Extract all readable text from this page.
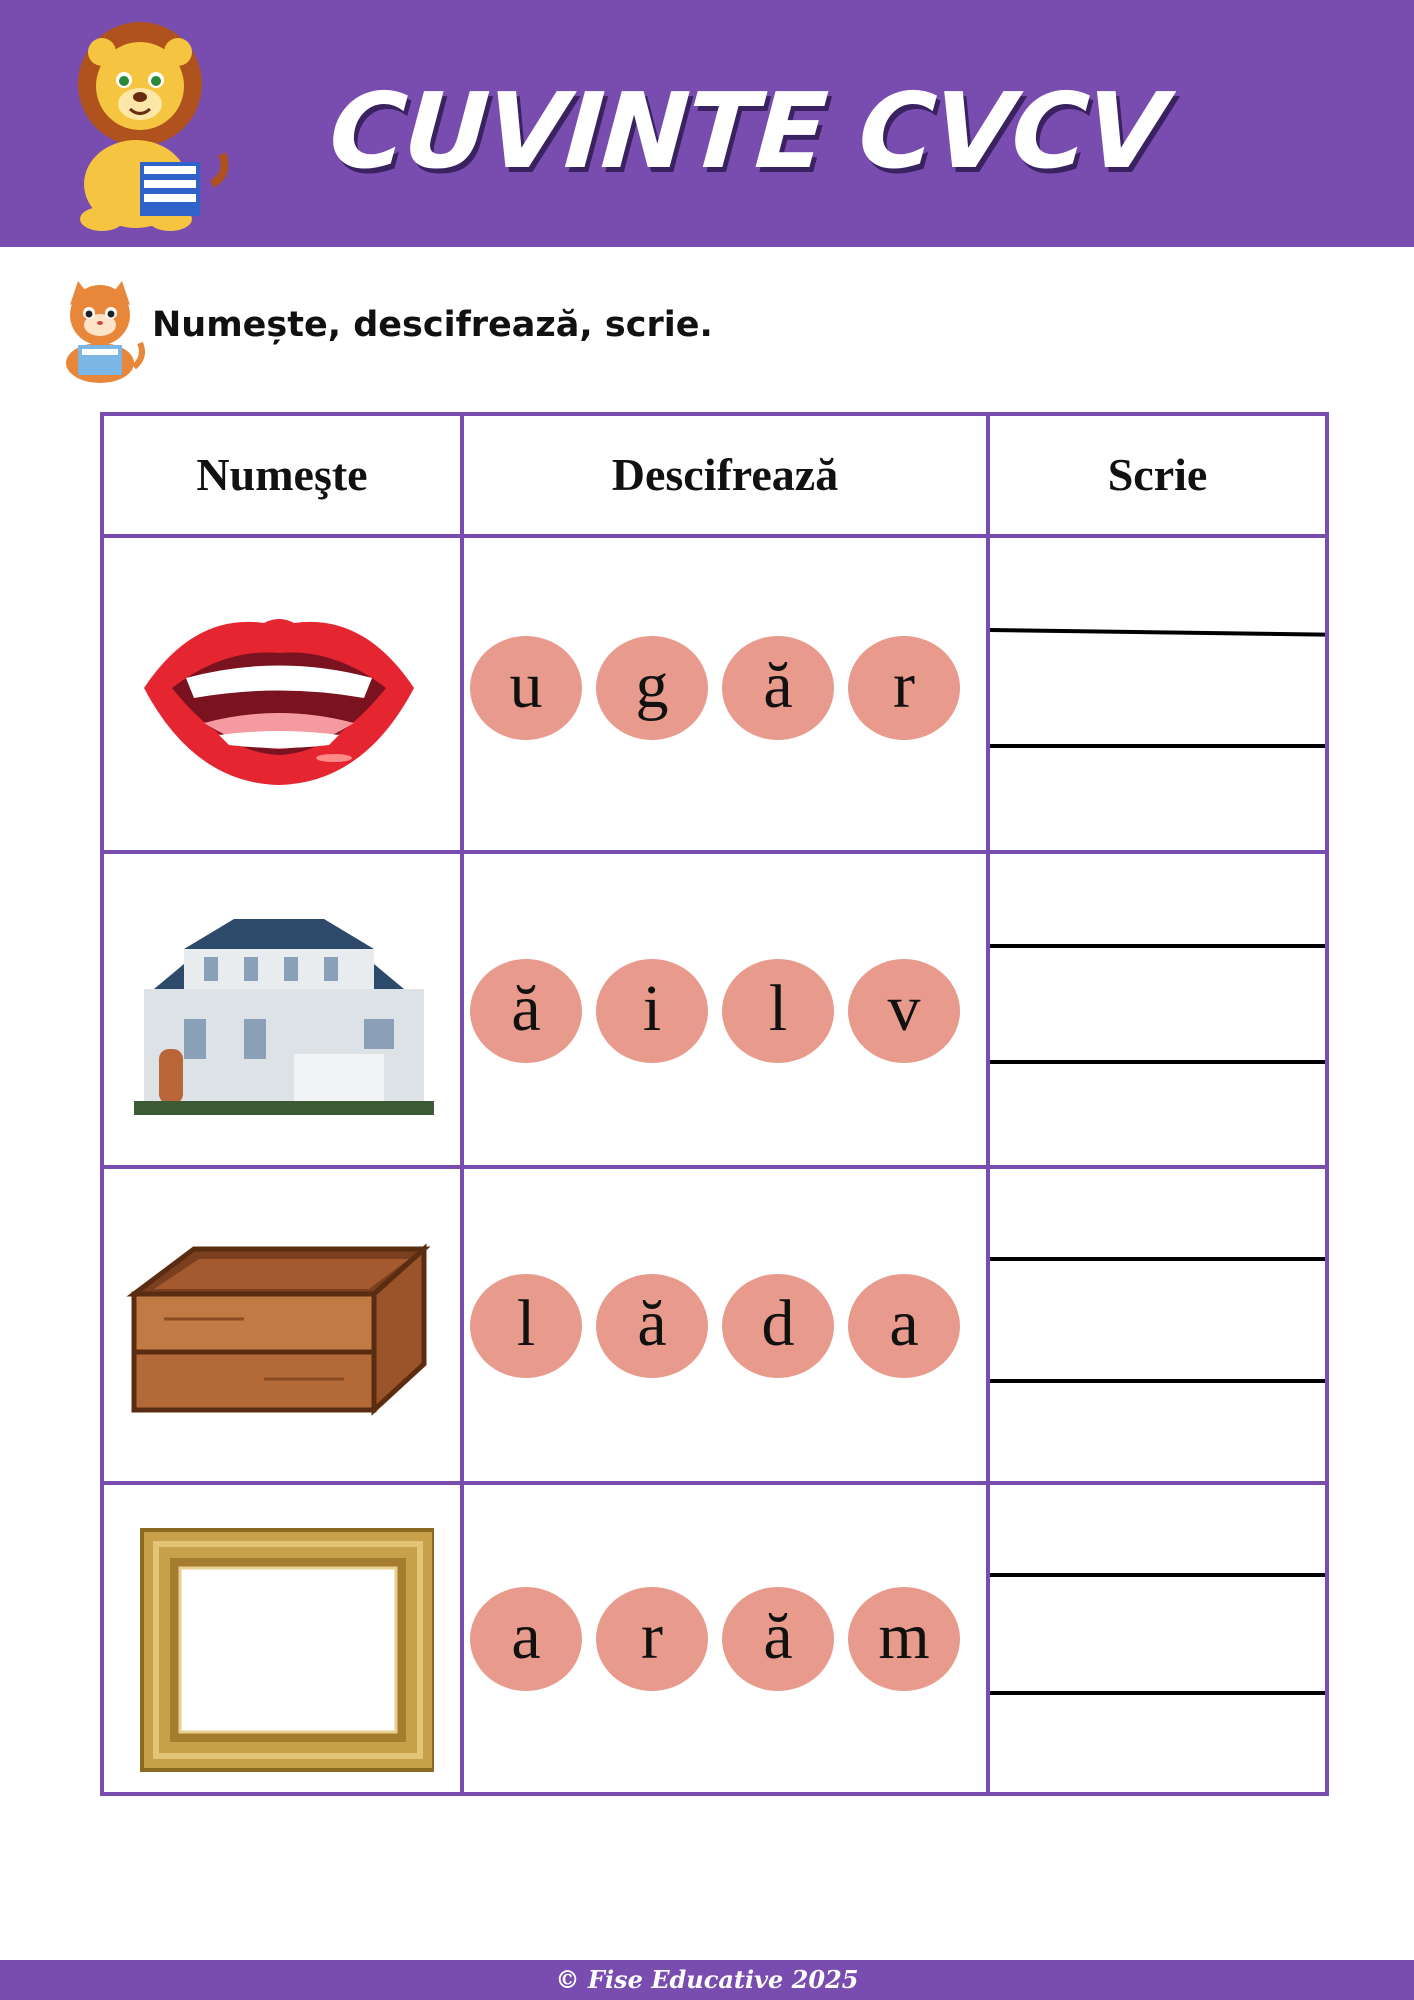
CUVINTE CVCV
Numește, descifrează, scrie.
Numeşte	Descifrează	Scrie
u	g	ă	r
ă	i	l	v
l	ă	d	a
a	r	ă	m
© Fise Educative 2025
